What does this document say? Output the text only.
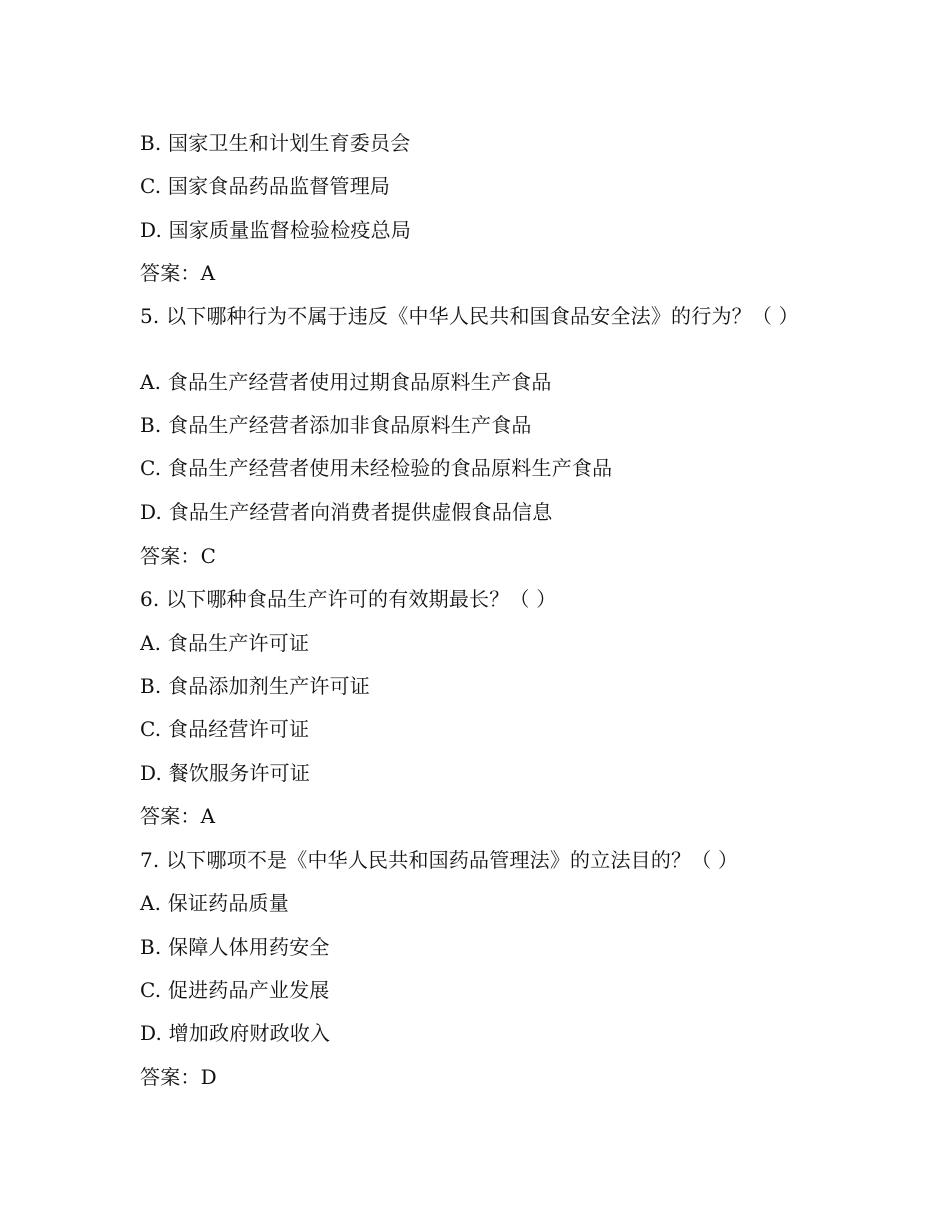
B. 国家卫生和计划生育委员会
C. 国家食品药品监督管理局
D. 国家质量监督检验检疫总局
答案：A
5. 以下哪种行为不属于违反《中华人民共和国食品安全法》的行为？（ ）
A. 食品生产经营者使用过期食品原料生产食品
B. 食品生产经营者添加非食品原料生产食品
C. 食品生产经营者使用未经检验的食品原料生产食品
D. 食品生产经营者向消费者提供虚假食品信息
答案：C
6. 以下哪种食品生产许可的有效期最长？（ ）
A. 食品生产许可证
B. 食品添加剂生产许可证
C. 食品经营许可证
D. 餐饮服务许可证
答案：A
7. 以下哪项不是《中华人民共和国药品管理法》的立法目的？（ ）
A. 保证药品质量
B. 保障人体用药安全
C. 促进药品产业发展
D. 增加政府财政收入
答案：D
